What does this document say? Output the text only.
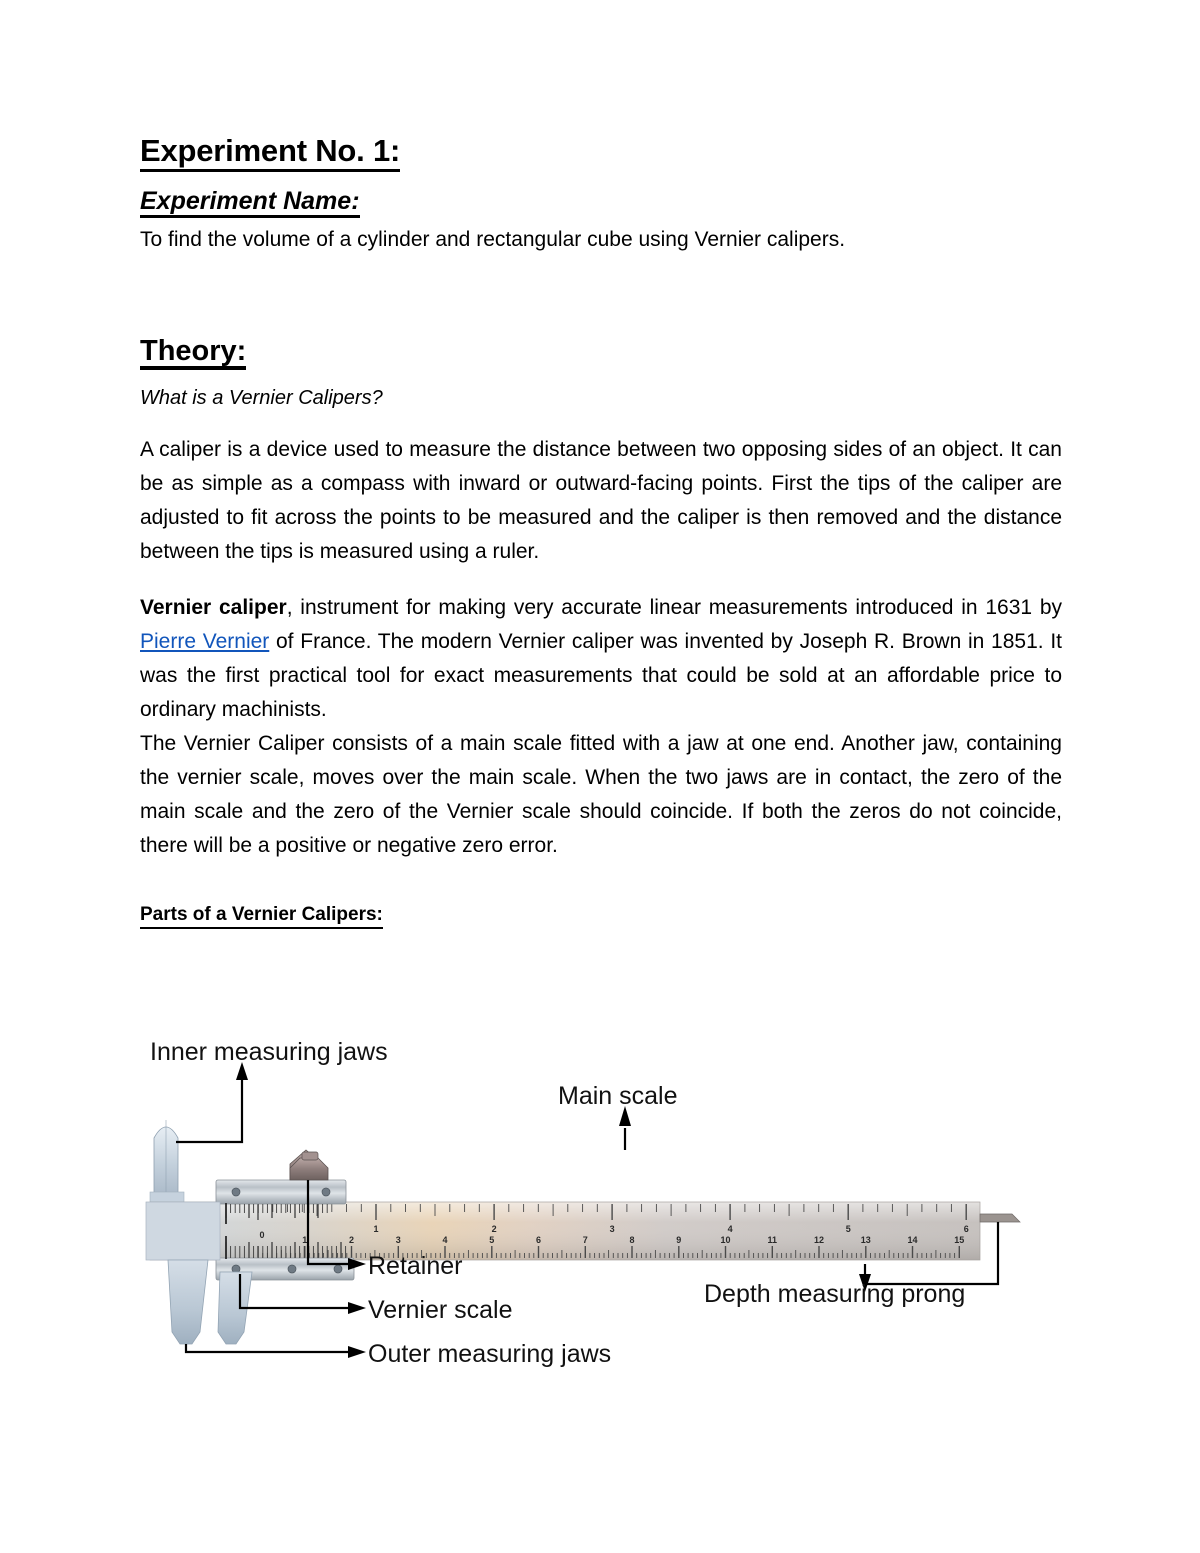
Experiment No. 1:
Experiment Name:

To find the volume of a cylinder and rectangular cube using Vernier calipers.

Theory:

What is a Vernier Calipers?

A caliper is a device used to measure the distance between two opposing sides of an object. It can be as simple as a compass with inward or outward-facing points. First the tips of the caliper are adjusted to fit across the points to be measured and the caliper is then removed and the distance between the tips is measured using a ruler.

Vernier caliper, instrument for making very accurate linear measurements introduced in 1631 by Pierre Vernier of France. The modern Vernier caliper was invented by Joseph R. Brown in 1851. It was the first practical tool for exact measurements that could be sold at an affordable price to ordinary machinists.

The Vernier Caliper consists of a main scale fitted with a jaw at one end. Another jaw, containing the vernier scale, moves over the main scale. When the two jaws are in contact, the zero of the main scale and the zero of the Vernier scale should coincide. If both the zeros do not coincide, there will be a positive or negative zero error.

Parts of a Vernier Calipers:
1	2	3	4	5	6
1	2	3	4	5	6	7	8	9	10	11	12	13	14	15
0
Inner measuring jaws
Main scale
Depth measuring prong
Retainer
Vernier scale
Outer measuring jaws
